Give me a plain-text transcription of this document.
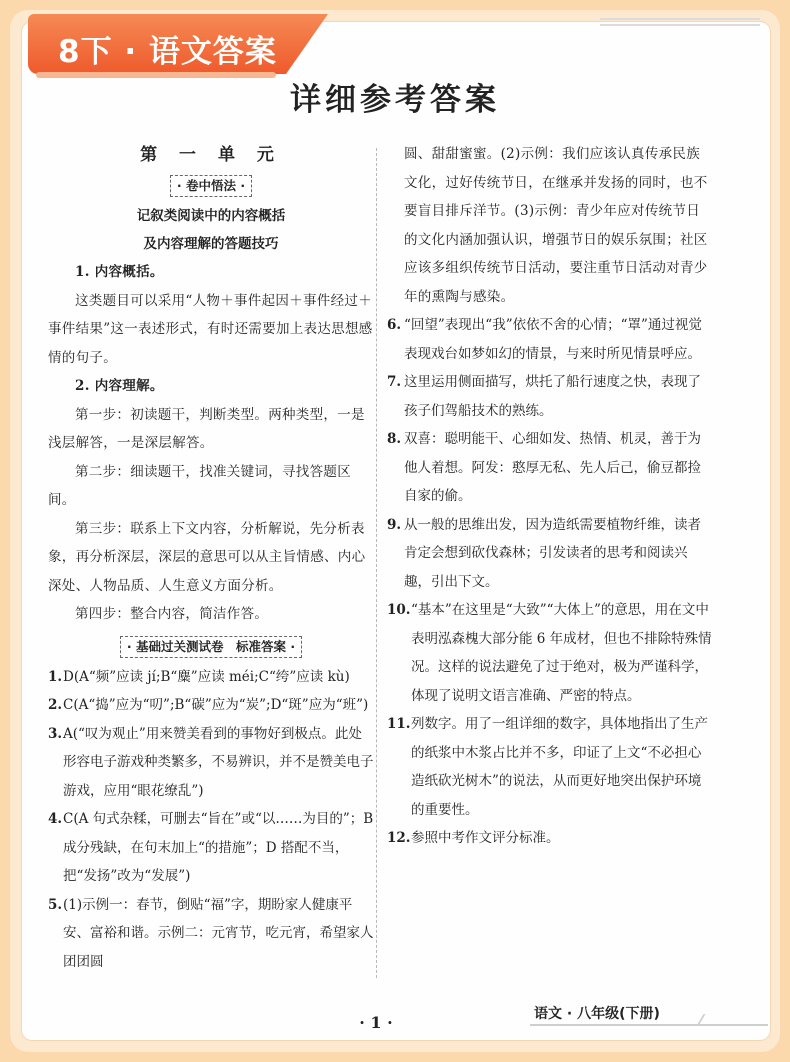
8下 · 语文答案
详细参考答案
第 一 单 元
· 卷中悟法 ·
记叙类阅读中的内容概括
及内容理解的答题技巧

1. 内容概括。

这类题目可以采用“人物＋事件起因＋事件经过＋事件结果”这一表述形式，有时还需要加上表达思想感情的句子。

2. 内容理解。

第一步：初读题干，判断类型。两种类型，一是浅层解答，一是深层解答。

第二步：细读题干，找准关键词，寻找答题区间。

第三步：联系上下文内容，分析解说，先分析表象，再分析深层，深层的意思可以从主旨情感、内心深处、人物品质、人生意义方面分析。

第四步：整合内容，简洁作答。

· 基础过关测试卷　标准答案 ·
1. D(A“频”应读 jí;B“麋”应读 méi;C“绔”应读 kù)
2. C(A“捣”应为“叨”;B“碳”应为“炭”;D“斑”应为“班”)
3. A(“叹为观止”用来赞美看到的事物好到极点。此处形容电子游戏种类繁多，不易辨识，并不是赞美电子游戏，应用“眼花缭乱”)
4. C(A 句式杂糅，可删去“旨在”或“以……为目的”；B 成分残缺，在句末加上“的措施”；D 搭配不当，把“发扬”改为“发展”)
5. (1)示例一：春节，倒贴“福”字，期盼家人健康平安、富裕和谐。示例二：元宵节，吃元宵，希望家人团团圆

圆、甜甜蜜蜜。(2)示例：我们应该认真传承民族文化，过好传统节日，在继承并发扬的同时，也不要盲目排斥洋节。(3)示例：青少年应对传统节日的文化内涵加强认识，增强节日的娱乐氛围；社区应该多组织传统节日活动，要注重节日活动对青少年的熏陶与感染。

6. “回望”表现出“我”依依不舍的心情；“罩”通过视觉表现戏台如梦如幻的情景，与来时所见情景呼应。
7. 这里运用侧面描写，烘托了船行速度之快，表现了孩子们驾船技术的熟练。
8. 双喜：聪明能干、心细如发、热情、机灵，善于为他人着想。阿发：憨厚无私、先人后己，偷豆都捡自家的偷。
9. 从一般的思维出发，因为造纸需要植物纤维，读者肯定会想到砍伐森林；引发读者的思考和阅读兴趣，引出下文。
10. “基本”在这里是“大致”“大体上”的意思，用在文中表明泓森槐大部分能 6 年成材，但也不排除特殊情况。这样的说法避免了过于绝对，极为严谨科学，体现了说明文语言准确、严密的特点。
11. 列数字。用了一组详细的数字，具体地指出了生产的纸浆中木浆占比并不多，印证了上文“不必担心造纸砍光树木”的说法，从而更好地突出保护环境的重要性。
12. 参照中考作文评分标准。
· 1 ·	语文 · 八年级(下册)
